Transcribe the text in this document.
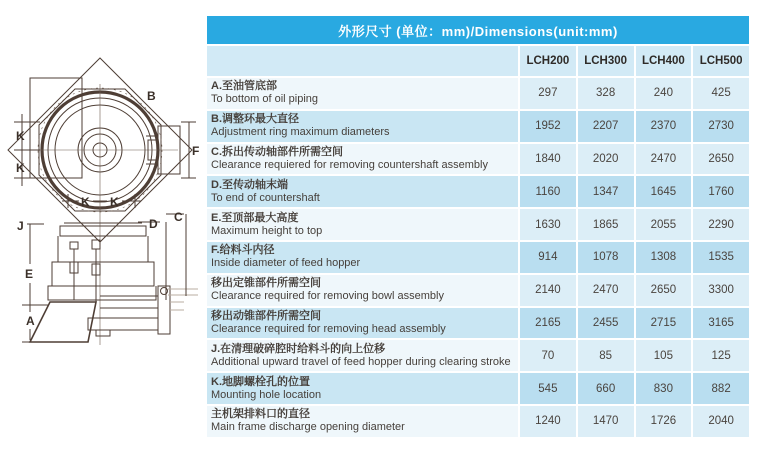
F
K
K
K K
B
J
E
A
D C
外形尺寸 (单位：mm)/Dimensions(unit:mm)
LCH200	LCH300	LCH400	LCH500
A.至油管底部
To bottom of oil piping	297	328	240	425
B.调整环最大直径
Adjustment ring maximum diameters	1952	2207	2370	2730
C.拆出传动轴部件所需空间
Clearance requiered for removing countershaft assembly	1840	2020	2470	2650
D.至传动轴末端
To end of countershaft	1160	1347	1645	1760
E.至顶部最大高度
Maximum height to top	1630	1865	2055	2290
F.给料斗内径
Inside diameter of feed hopper	914	1078	1308	1535
移出定锥部件所需空间
Clearance required for removing bowl assembly	2140	2470	2650	3300
移出动锥部件所需空间
Clearance required for removing head assembly	2165	2455	2715	3165
J.在清理破碎腔时给料斗的向上位移
Additional upward travel of feed hopper during clearing stroke	70	85	105	125
K.地脚螺栓孔的位置
Mounting hole location	545	660	830	882
主机架排料口的直径
Main frame discharge opening diameter	1240	1470	1726	2040
